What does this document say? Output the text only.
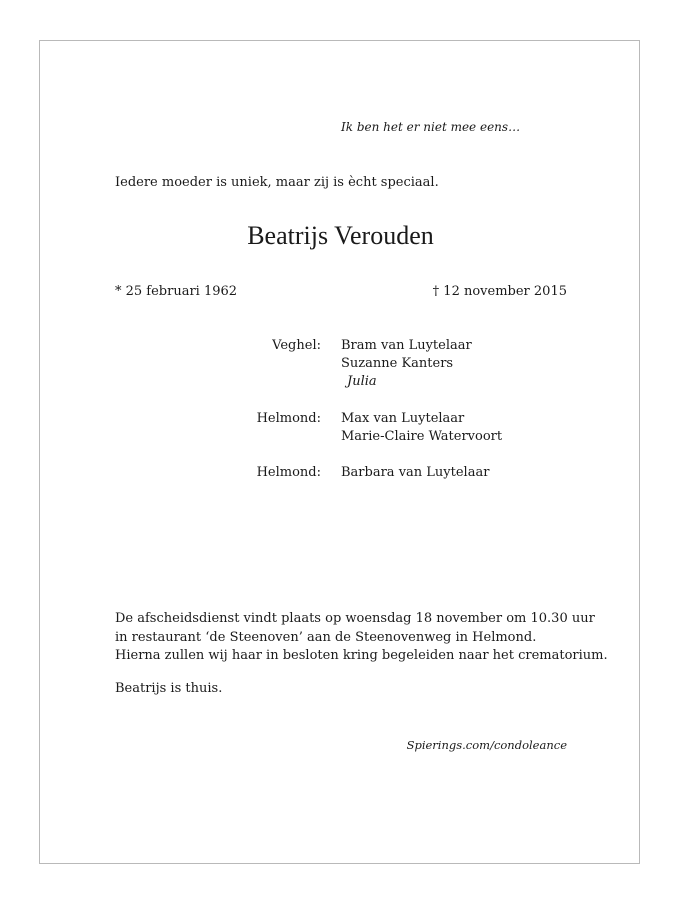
Ik ben het er niet mee eens…
Iedere moeder is uniek, maar zij is ècht speciaal.
Beatrijs Verouden
* 25 februari 1962	† 12 november 2015
Veghel: Bram van Luytelaar
Suzanne Kanters
Julia
Helmond: Max van Luytelaar
Marie-Claire Watervoort
Helmond: Barbara van Luytelaar
De afscheidsdienst vindt plaats op woensdag 18 november om 10.30 uur
in restaurant ‘de Steenoven’ aan de Steenovenweg in Helmond.
Hierna zullen wij haar in besloten kring begeleiden naar het crematorium.
Beatrijs is thuis.
Spierings.com/condoleance
